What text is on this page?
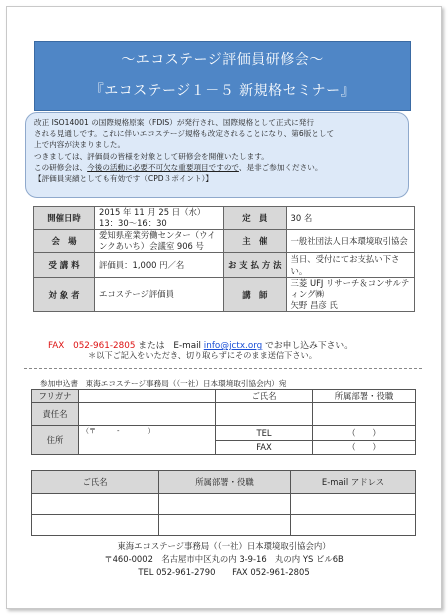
～エコステージ評価員研修会～
『エコステージ１－５ 新規格セミナー』

改正 ISO14001 の国際規格原案（FDIS）が発行され、国際規格として正式に発行

される見通しです。これに伴いエコステージ規格も改定されることになり、第6版として

上で内容が決まりました。

つきましては、評価員の皆様を対象として研修会を開催いたします。

この研修会は、今後の活動に必要不可欠な重要項目ですので、是非ご参加ください。

【評価員実績としても有効です（CPD３ポイント）】

開催日時	2015 年 11 月 25 日（水） 13：30～16：30	定　員	30 名
会　場	愛知県産業労働センター（ウインクあいち）会議室 906 号	主　催	一般社団法人日本環境取引協会
受 講 料	評価員：1,000 円／名	お 支 払 方 法	当日、受付にてお支払い下さい。
対 象 者	エコステージ評価員	講　師	三菱 UFJ リサーチ＆コンサルティング㈱
矢野 昌彦 氏
FAX　052-961-2805 または　E-mail info@jctx.org でお申し込み下さい。
＊以下ご記入をいただき、切り取らずにそのまま送信下さい。
参加申込書　東海エコステージ事務局（（一社）日本環境取引協会内）宛
フリガナ		ご氏名	所属部署・役職
責任名			
住所	（〒　　　-　　　　）	TEL	（　　）
		FAX	（　　）
ご氏名	所属部署・役職	E-mail アドレス

東海エコステージ事務局（（一社）日本環境取引協会内）
〒460-0002　名古屋市中区丸の内 3-9-16　丸の内 YS ビル6B
TEL 052-961-2790　　FAX 052-961-2805
